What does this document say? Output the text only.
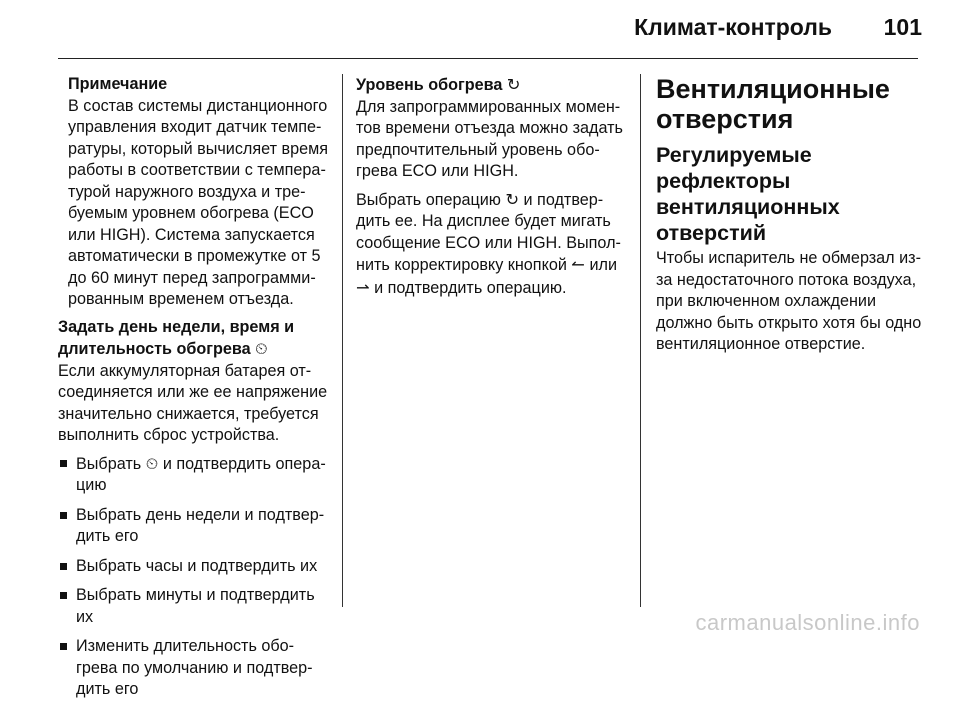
Климат-контроль 101
Примечание

В состав системы дистанционного управления входит датчик темпе-ратуры, который вычисляет время работы в соответствии с темпера-турой наружного воздуха и тре-буемым уровнем обогрева (ECO или HIGH). Система запускается автоматически в промежутке от 5 до 60 минут перед запрограмми-рованным временем отъезда.

Задать день недели, время и длительность обогрева ⏲

Если аккумуляторная батарея от-соединяется или же ее напряжение значительно снижается, требуется выполнить сброс устройства.

Выбрать ⏲ и подтвердить опера-цию
Выбрать день недели и подтвер-дить его
Выбрать часы и подтвердить их
Выбрать минуты и подтвердить их
Изменить длительность обо-грева по умолчанию и подтвер-дить его
Уровень обогрева ↻

Для запрограммированных момен-тов времени отъезда можно задать предпочтительный уровень обо-грева ECO или HIGH.

Выбрать операцию ↻ и подтвер-дить ее. На дисплее будет мигать сообщение ECO или HIGH. Выпол-нить корректировку кнопкой ↼ или ⇀ и подтвердить операцию.

Вентиляционные отверстия
Регулируемые рефлекторы вентиляционных отверстий

Чтобы испаритель не обмерзал из-за недостаточного потока воздуха, при включенном охлаждении должно быть открыто хотя бы одно вентиляционное отверстие.

carmanualsonline.info
